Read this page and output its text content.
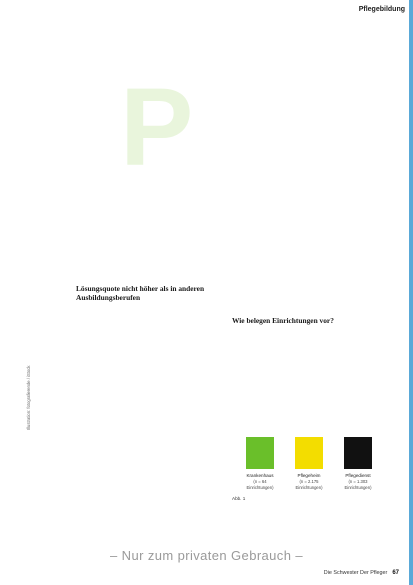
Pflegebildung
P
Lösungsquote nicht höher als in anderen Ausbildungsberufen
Wie belegen Einrichtungen vor?
Krankenhaus
(n = 64 Einrichtungen)
Pflegeheim
(n = 2.175 Einrichtungen)
Pflegedienst
(n = 1.303 Einrichtungen)
Abb. 1
Illustration: fotografierende / iStock
– Nur zum privaten Gebrauch –
Die Schwester Der Pfleger 67
